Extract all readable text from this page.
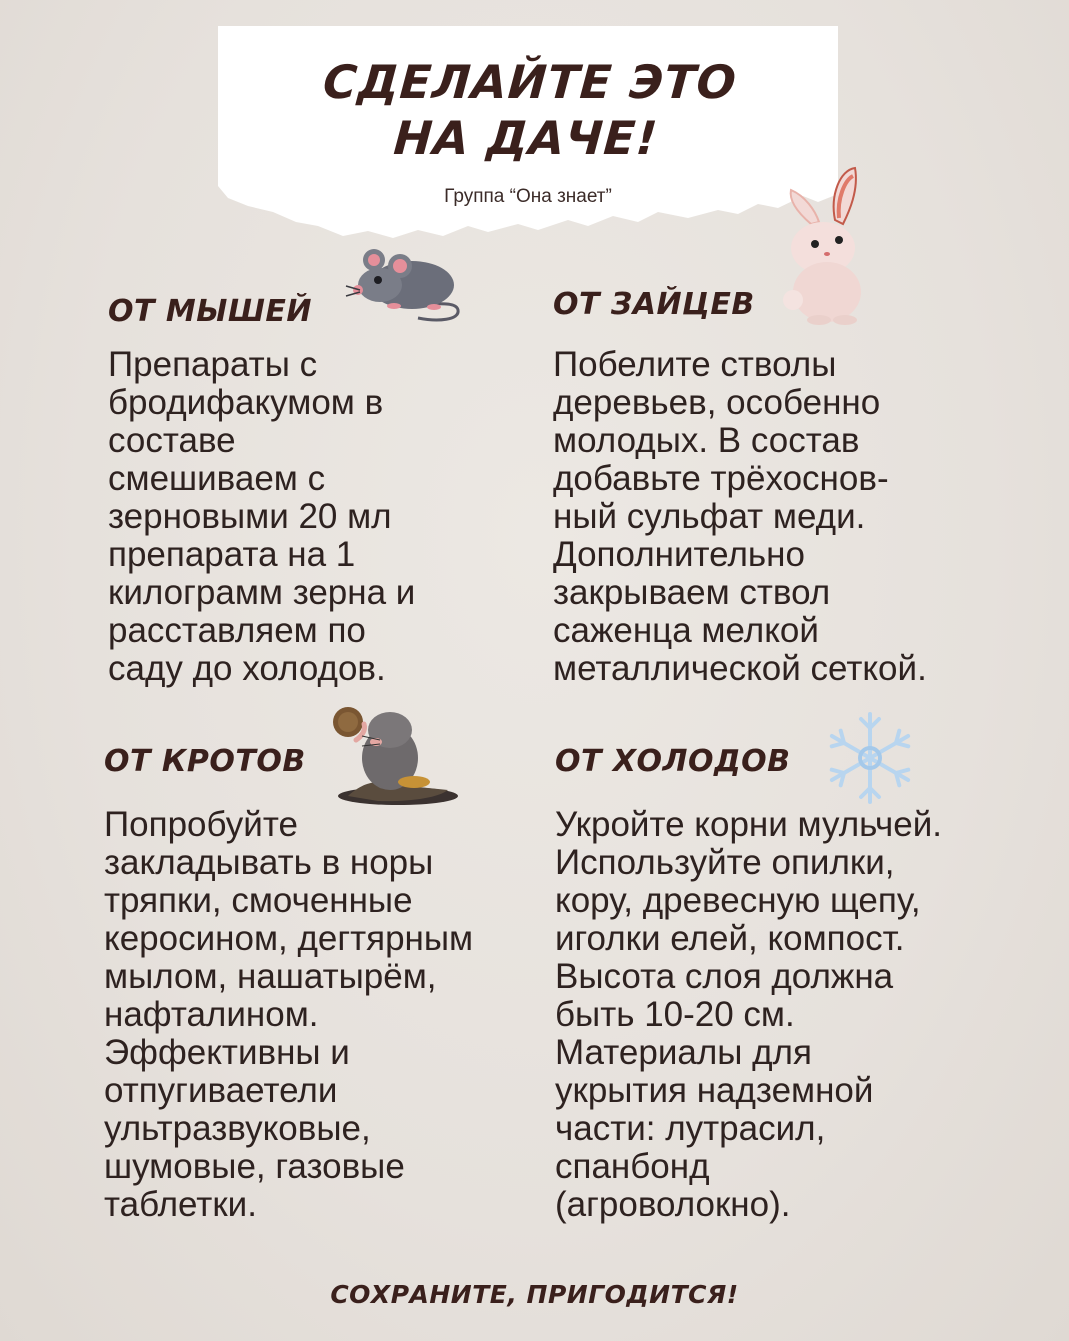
СДЕЛАЙТЕ ЭТО
НА ДАЧЕ!
Группа “Она знает”
ОТ МЫШЕЙ
Препараты с
бродифакумом в
составе
смешиваем с
зерновыми 20 мл
препарата на 1
килограмм зерна и
расставляем по
саду до холодов.
ОТ ЗАЙЦЕВ
Побелите стволы
деревьев, особенно
молодых. В состав
добавьте трёхоснов-
ный сульфат меди.
Дополнительно
закрываем ствол
саженца мелкой
металлической сеткой.
ОТ КРОТОВ
Попробуйте
закладывать в норы
тряпки, смоченные
керосином, дегтярным
мылом, нашатырём,
нафталином.
Эффективны и
отпугиваетели
ультразвуковые,
шумовые, газовые
таблетки.
ОТ ХОЛОДОВ
Укройте корни мульчей.
Используйте опилки,
кору, древесную щепу,
иголки елей, компост.
Высота слоя должна
быть 10-20 см.
Материалы для
укрытия надземной
части: лутрасил,
спанбонд
(агроволокно).
СОХРАНИТЕ, ПРИГОДИТСЯ!
